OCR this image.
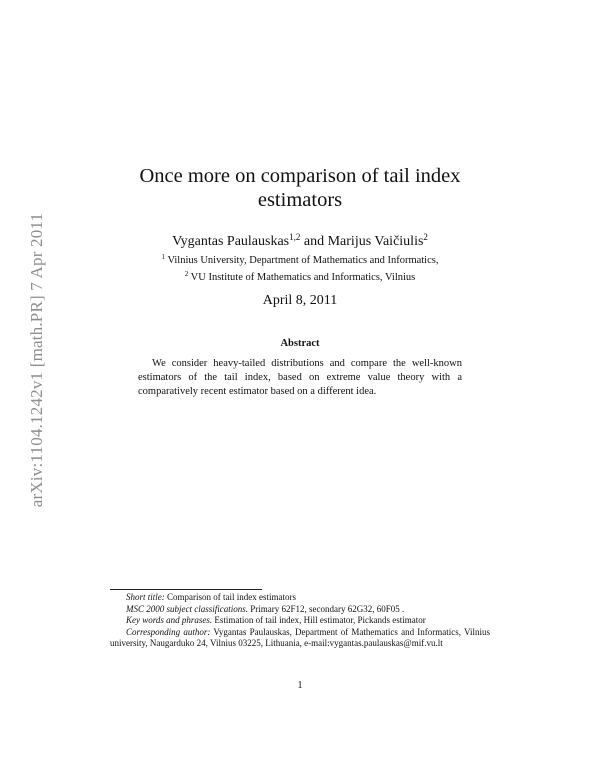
arXiv:1104.1242v1 [math.PR] 7 Apr 2011
Once more on comparison of tail index
estimators
Vygantas Paulauskas$^{1,2}$ and Marijus Vaičiulis$^2$
$^1$ Vilnius University, Department of Mathematics and Informatics,
$^2$ VU Institute of Mathematics and Informatics, Vilnius
April 8, 2011
Abstract

We consider heavy-tailed distributions and compare the well-known estimators of the tail index, based on extreme value theory with a comparatively recent estimator based on a different idea.

Short title: Comparison of tail index estimators

MSC 2000 subject classifications. Primary 62F12, secondary 62G32, 60F05 .

Key words and phrases. Estimation of tail index, Hill estimator, Pickands estimator

Corresponding author: Vygantas Paulauskas, Department of Mathematics and Informatics, Vilnius university, Naugarduko 24, Vilnius 03225, Lithuania, e-mail:vygantas.paulauskas@mif.vu.lt

1
